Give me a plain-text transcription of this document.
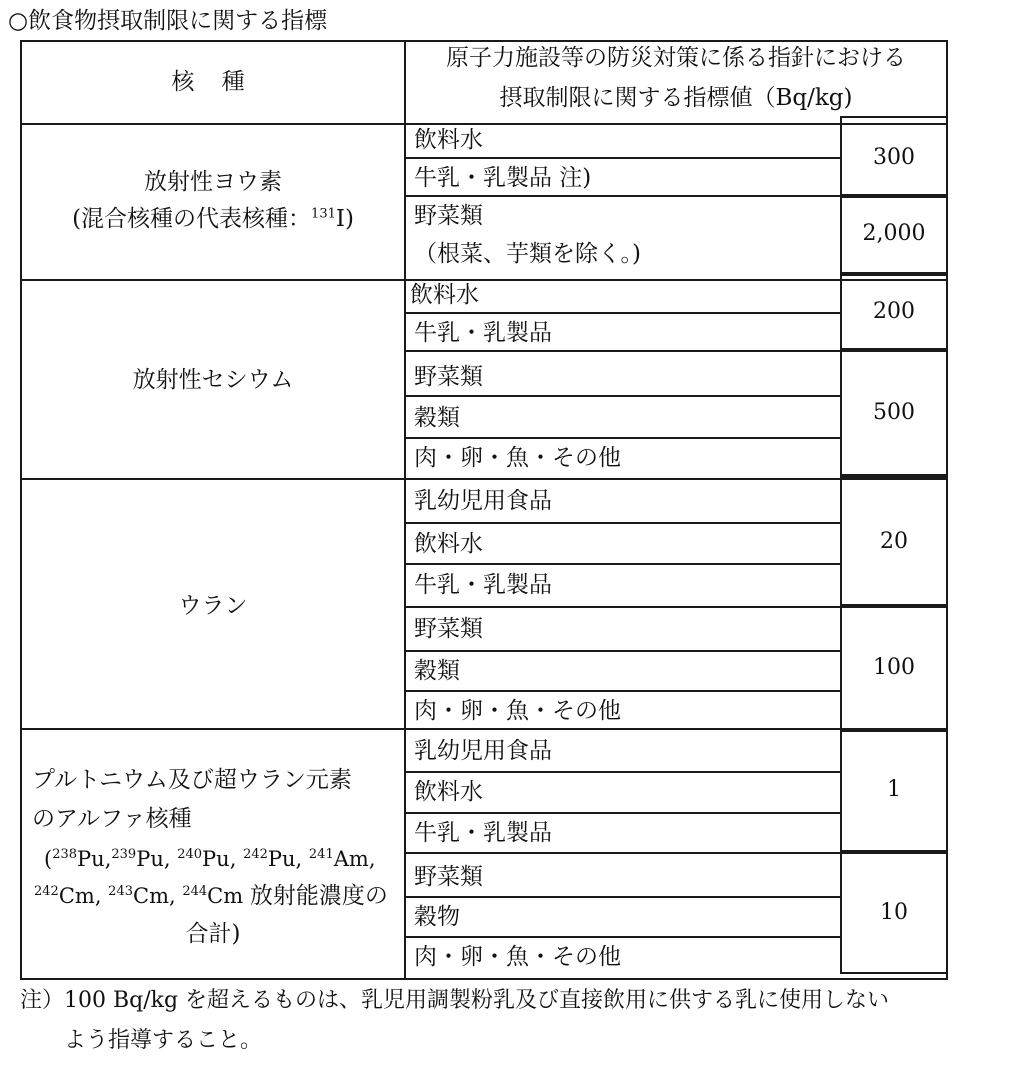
○飲食物摂取制限に関する指標
核 種
原子力施設等の防災対策に係る指針における
摂取制限に関する指標値（Bq/kg)
放射性ヨウ素
(混合核種の代表核種：$^{131}$I)
飲料水
牛乳・乳製品 注)
野菜類
（根菜、芋類を除く。)
300
2,000
放射性セシウム
飲料水
牛乳・乳製品
野菜類
穀類
肉・卵・魚・その他
200
500
ウラン
乳幼児用食品
飲料水
牛乳・乳製品
野菜類
穀類
肉・卵・魚・その他
20
100
プルトニウム及び超ウラン元素
のアルファ核種
($^{238}$Pu,$^{239}$Pu, $^{240}$Pu, $^{242}$Pu, $^{241}$Am,
$^{242}$Cm, $^{243}$Cm, $^{244}$Cm 放射能濃度の
合計)
乳幼児用食品
飲料水
牛乳・乳製品
野菜類
穀物
肉・卵・魚・その他
1
10
注）100 Bq/kg を超えるものは、乳児用調製粉乳及び直接飲用に供する乳に使用しない
よう指導すること。
